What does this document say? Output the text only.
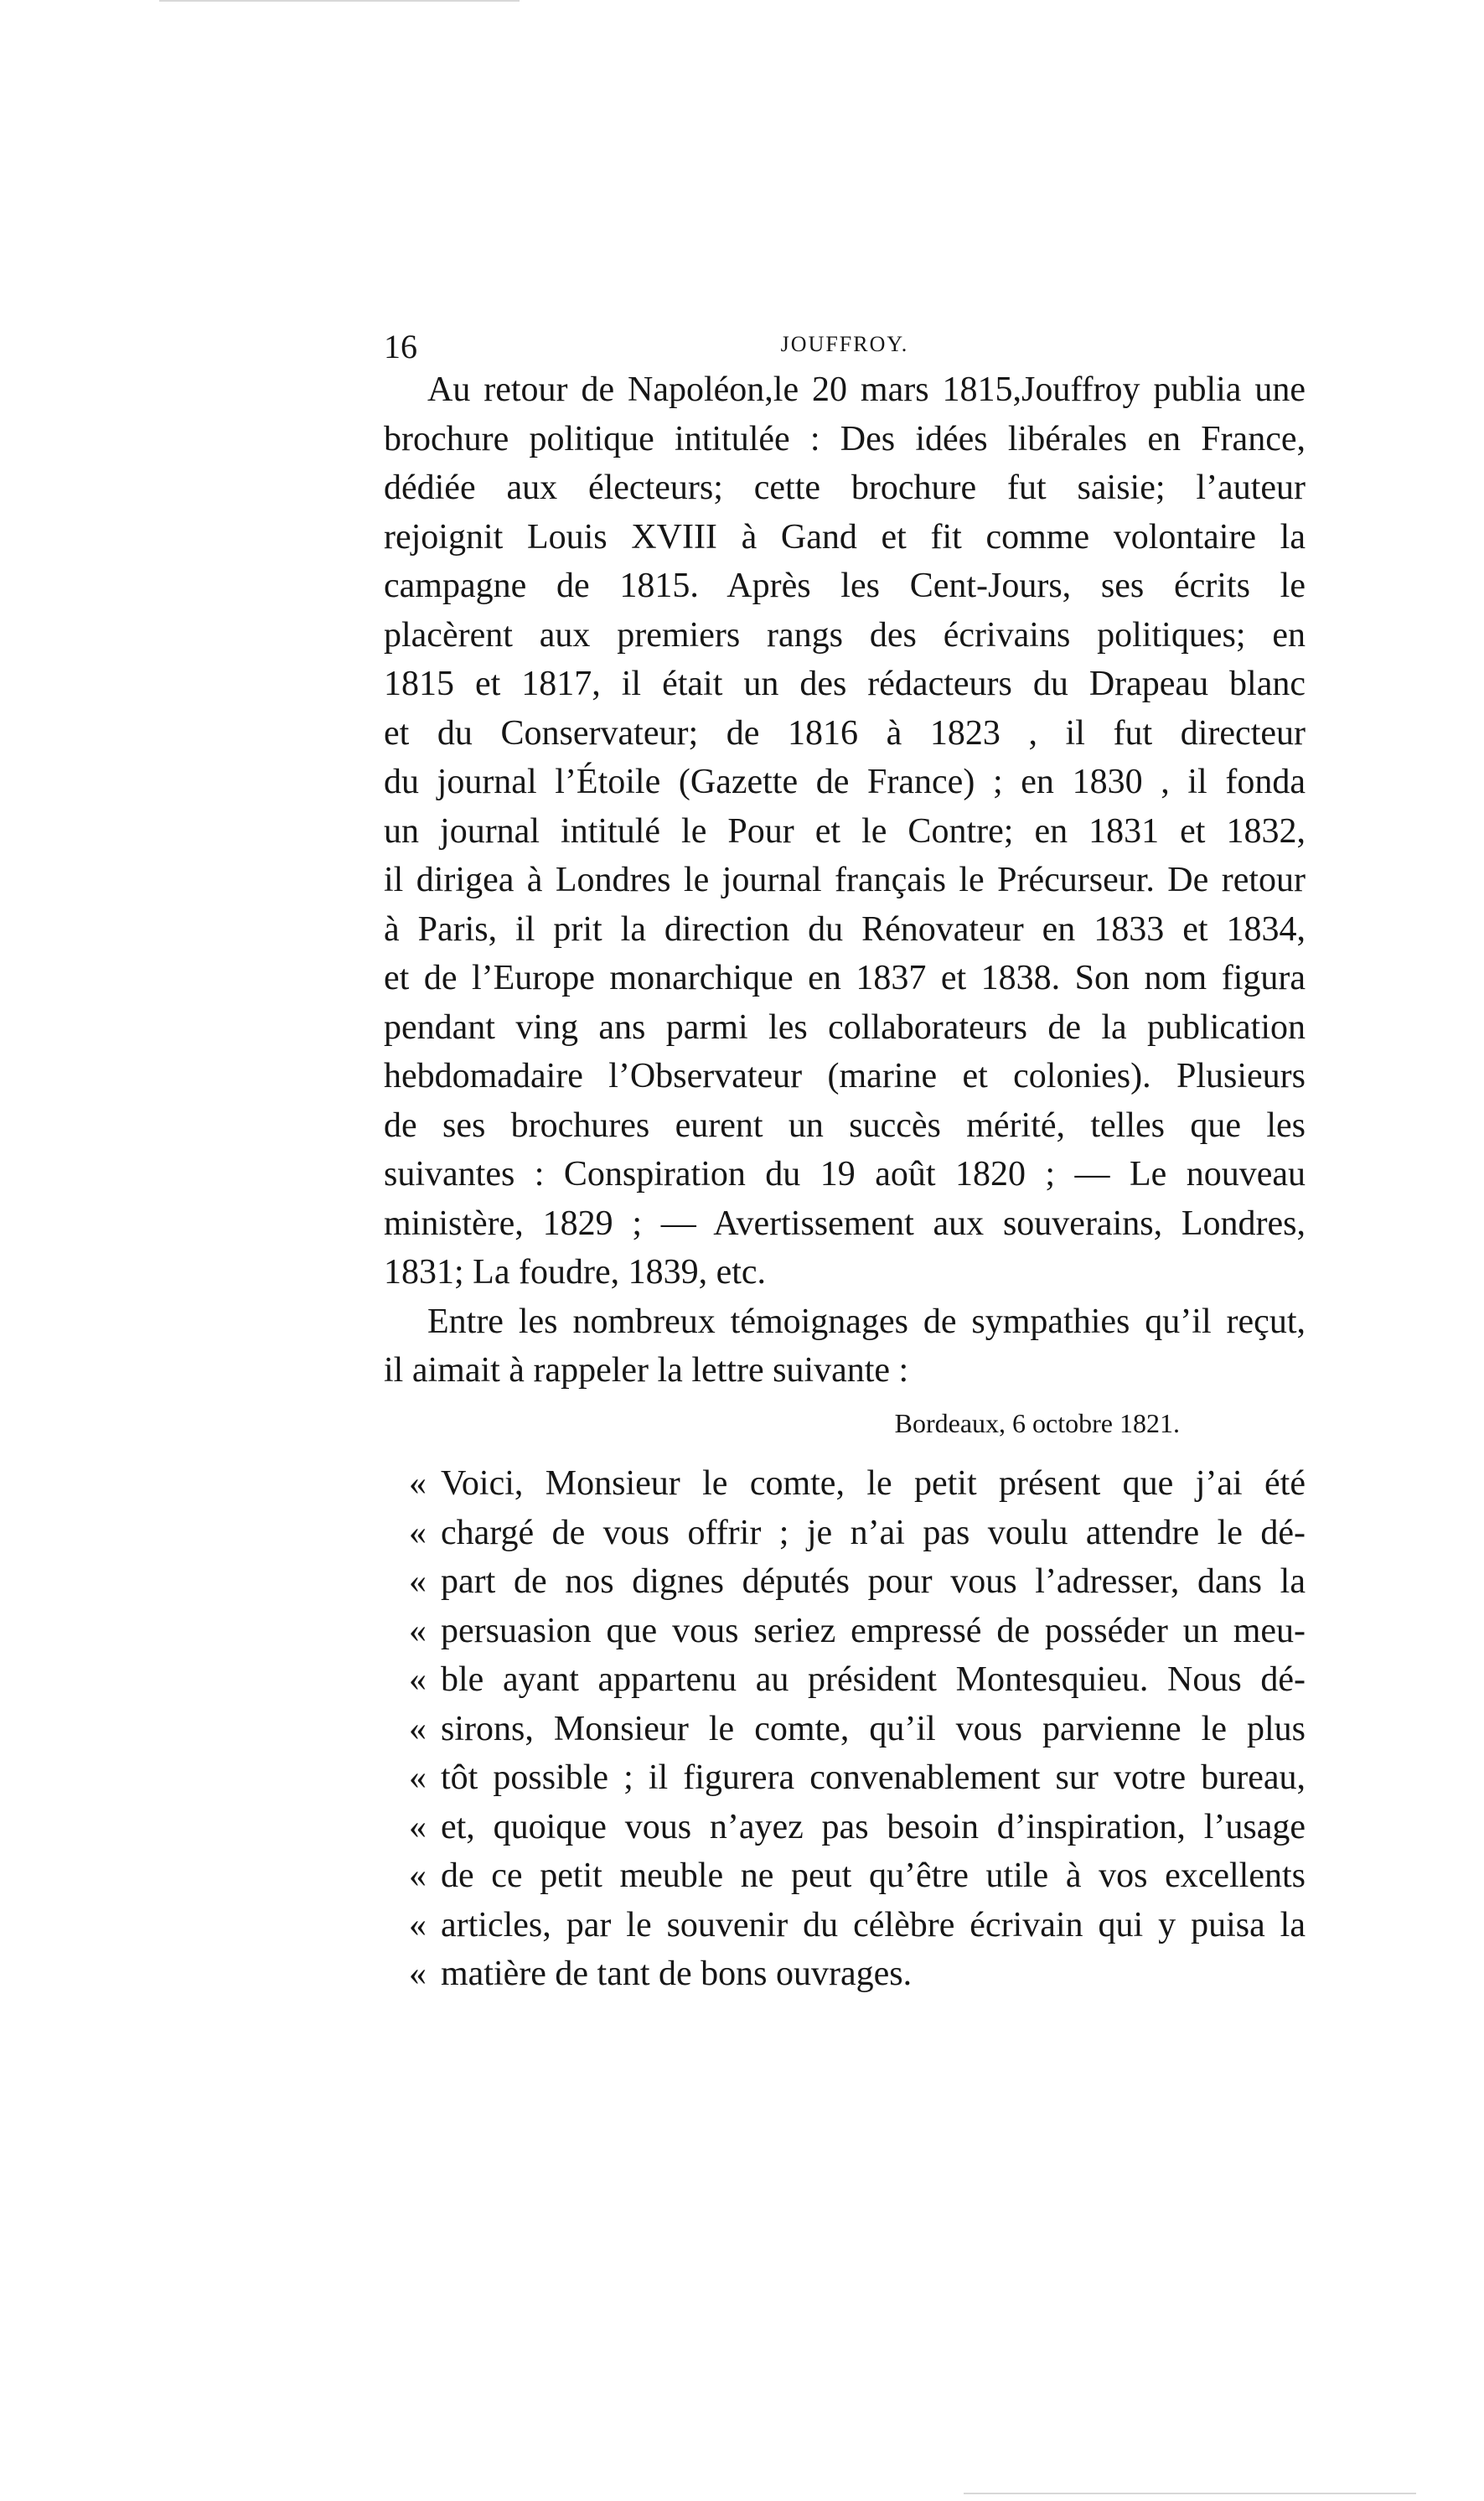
16	JOUFFROY.
Au retour de Napoléon,le 20 mars 1815,Jouffroy publia une
brochure politique intitulée : Des idées libérales en France,
dédiée aux électeurs; cette brochure fut saisie; l’auteur
rejoignit Louis XVIII à Gand et fit comme volontaire la
campagne de 1815. Après les Cent-Jours, ses écrits le
placèrent aux premiers rangs des écrivains politiques; en
1815 et 1817, il était un des rédacteurs du Drapeau blanc
et du Conservateur; de 1816 à 1823 , il fut directeur
du journal l’Étoile (Gazette de France) ; en 1830 , il fonda
un journal intitulé le Pour et le Contre; en 1831 et 1832,
il dirigea à Londres le journal français le Précurseur. De retour
à Paris, il prit la direction du Rénovateur en 1833 et 1834,
et de l’Europe monarchique en 1837 et 1838. Son nom figura
pendant ving ans parmi les collaborateurs de la publication
hebdomadaire l’Observateur (marine et colonies). Plusieurs
de ses brochures eurent un succès mérité, telles que les
suivantes : Conspiration du 19 août 1820 ; — Le nouveau
ministère, 1829 ; — Avertissement aux souverains, Londres,
1831; La foudre, 1839, etc.
Entre les nombreux témoignages de sympathies qu’il reçut,
il aimait à rappeler la lettre suivante :
Bordeaux, 6 octobre 1821.
« Voici, Monsieur le comte, le petit présent que j’ai été
« chargé de vous offrir ; je n’ai pas voulu attendre le dé-
« part de nos dignes députés pour vous l’adresser, dans la
« persuasion que vous seriez empressé de posséder un meu-
« ble ayant appartenu au président Montesquieu. Nous dé-
« sirons, Monsieur le comte, qu’il vous parvienne le plus
« tôt possible ; il figurera convenablement sur votre bureau,
« et, quoique vous n’ayez pas besoin d’inspiration, l’usage
« de ce petit meuble ne peut qu’être utile à vos excellents
« articles, par le souvenir du célèbre écrivain qui y puisa la
« matière de tant de bons ouvrages.
